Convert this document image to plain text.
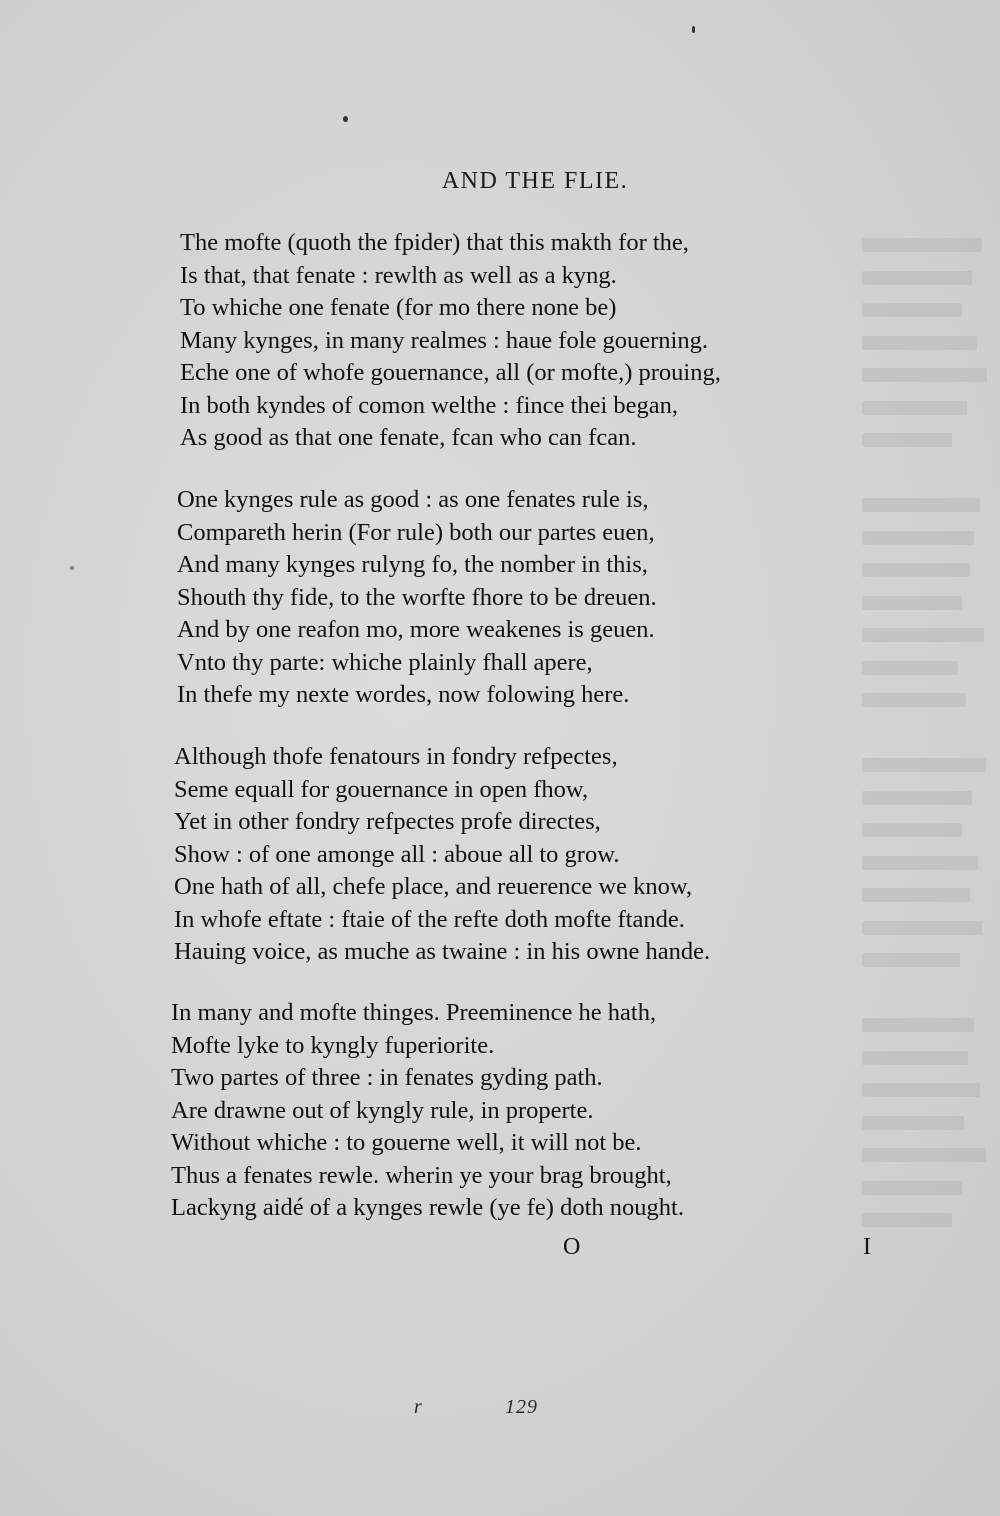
AND THE FLIE.
The mofte (quoth the fpider) that this makth for the,
Is that, that fenate : rewlth as well as a kyng.
To whiche one fenate (for mo there none be)
Many kynges, in many realmes : haue fole gouerning.
Eche one of whofe gouernance, all (or mofte,) prouing,
In both kyndes of comon welthe : fince thei began,
As good as that one fenate, fcan who can fcan.
One kynges rule as good : as one fenates rule is,
Compareth herin (For rule) both our partes euen,
And many kynges rulyng fo, the nomber in this,
Shouth thy fide, to the worfte fhore to be dreuen.
And by one reafon mo, more weakenes is geuen.
Vnto thy parte: whiche plainly fhall apere,
In thefe my nexte wordes, now folowing here.
Although thofe fenatours in fondry refpectes,
Seme equall for gouernance in open fhow,
Yet in other fondry refpectes profe directes,
Show : of one amonge all : aboue all to grow.
One hath of all, chefe place, and reuerence we know,
In whofe eftate : ftaie of the refte doth mofte ftande.
Hauing voice, as muche as twaine : in his owne hande.
In many and mofte thinges. Preeminence he hath,
Mofte lyke to kyngly fuperiorite.
Two partes of three : in fenates gyding path.
Are drawne out of kyngly rule, in properte.
Without whiche : to gouerne well, it will not be.
Thus a fenates rewle. wherin ye your brag brought,
Lackyng aidé of a kynges rewle (ye fe) doth nought.
O	I
r	129
